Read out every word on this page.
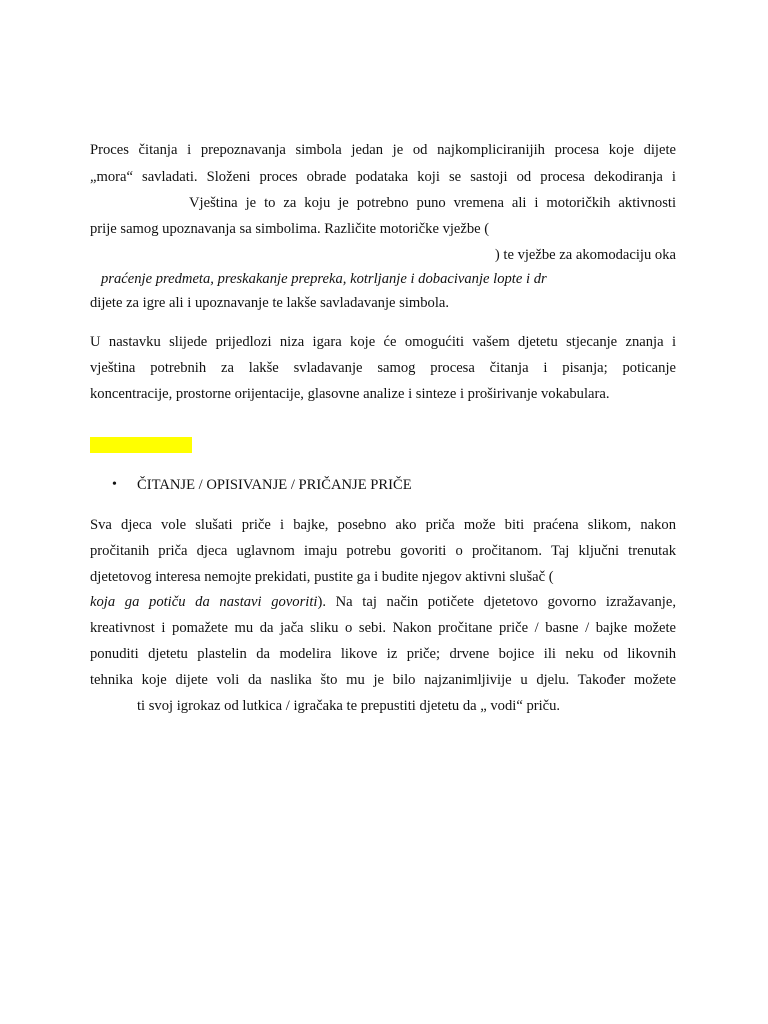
Proces čitanja i prepoznavanja simbola jedan je od najkompliciranijih procesa koje dijete
„mora“ savladati. Složeni proces obrade podataka koji se sastoji od procesa dekodiranja i
Vještina je to za koju je potrebno puno vremena ali i motoričkih aktivnosti
prije samog upoznavanja sa simbolima. Različite motoričke vježbe (
) te vježbe za akomodaciju oka
praćenje predmeta, preskakanje prepreka, kotrljanje i dobacivanje lopte i dr
dijete za igre ali i upoznavanje te lakše savladavanje simbola.
U nastavku slijede prijedlozi niza igara koje će omogućiti vašem djetetu stjecanje znanja i
vještina potrebnih za lakše svladavanje samog procesa čitanja i pisanja; poticanje
koncentracije, prostorne orijentacije, glasovne analize i sinteze i proširivanje vokabulara.
• ČITANJE / OPISIVANJE / PRIČANJE PRIČE
Sva djeca vole slušati priče i bajke, posebno ako priča može biti praćena slikom, nakon
pročitanih priča djeca uglavnom imaju potrebu govoriti o pročitanom. Taj ključni trenutak
djetetovog interesa nemojte prekidati, pustite ga i budite njegov aktivni slušač (
koja ga potiču da nastavi govoriti). Na taj način potičete djetetovo govorno izražavanje,
kreativnost i pomažete mu da jača sliku o sebi. Nakon pročitane priče / basne / bajke možete
ponuditi djetetu plastelin da modelira likove iz priče; drvene bojice ili neku od likovnih
tehnika koje dijete voli da naslika što mu je bilo najzanimljivije u djelu. Također možete
ti svoj igrokaz od lutkica / igračaka te prepustiti djetetu da „ vodi“ priču.
